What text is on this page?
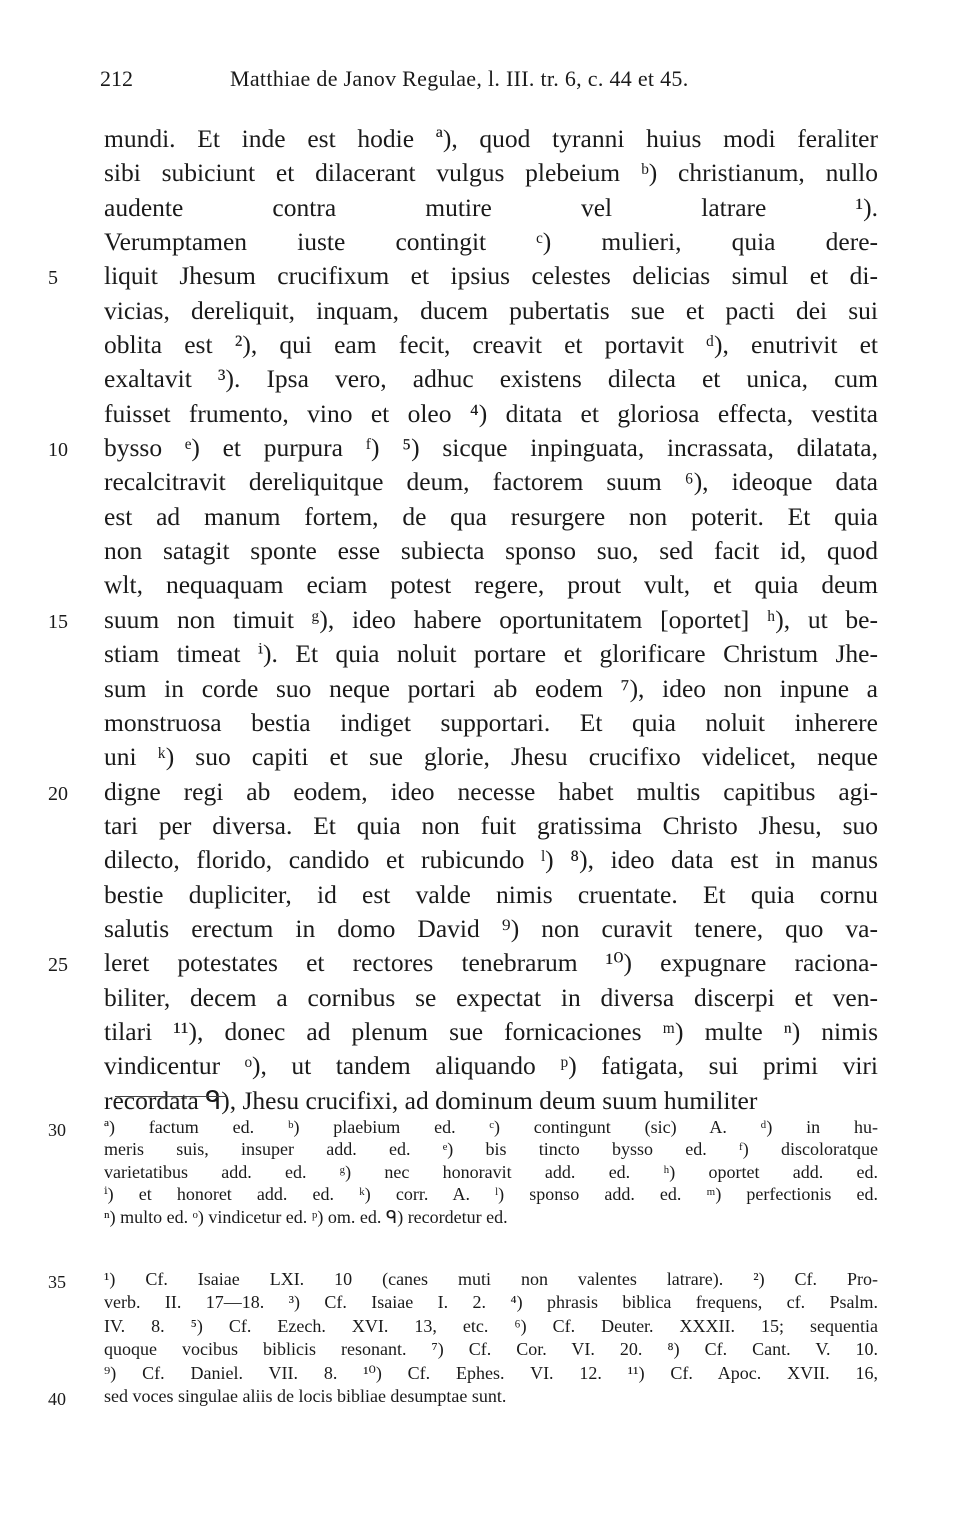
212	Matthiae de Janov Regulae, l. III. tr. 6, c. 44 et 45.
mundi. Et inde est hodie ª), quod tyranni huius modi feraliter
sibi subiciunt et dilacerant vulgus plebeium ᵇ) christianum, nullo
audente contra mutire vel latrare ¹).
Verumptamen iuste contingit ᶜ) mulieri, quia dere-
5 liquit Jhesum crucifixum et ipsius celestes delicias simul et di-
vicias, dereliquit, inquam, ducem pubertatis sue et pacti dei sui
oblita est ²), qui eam fecit, creavit et portavit ᵈ), enutrivit et
exaltavit ³). Ipsa vero, adhuc existens dilecta et unica, cum
fuisset frumento, vino et oleo ⁴) ditata et gloriosa effecta, vestita
10 bysso ᵉ) et purpura ᶠ) ⁵) sicque inpinguata, incrassata, dilatata,
recalcitravit dereliquitque deum, factorem suum ⁶), ideoque data
est ad manum fortem, de qua resurgere non poterit. Et quia
non satagit sponte esse subiecta sponso suo, sed facit id, quod
wlt, nequaquam eciam potest regere, prout vult, et quia deum
15 suum non timuit ᵍ), ideo habere oportunitatem [oportet] ʰ), ut be-
stiam timeat ⁱ). Et quia noluit portare et glorificare Christum Jhe-
sum in corde suo neque portari ab eodem ⁷), ideo non inpune a
monstruosa bestia indiget supportari. Et quia noluit inherere
uni ᵏ) suo capiti et sue glorie, Jhesu crucifixo videlicet, neque
20 digne regi ab eodem, ideo necesse habet multis capitibus agi-
tari per diversa. Et quia non fuit gratissima Christo Jhesu, suo
dilecto, florido, candido et rubicundo ˡ) ⁸), ideo data est in manus
bestie dupliciter, id est valde nimis cruentate. Et quia cornu
salutis erectum in domo David ⁹) non curavit tenere, quo va-
25 leret potestates et rectores tenebrarum ¹⁰) expugnare raciona-
biliter, decem a cornibus se expectat in diversa discerpi et ven-
tilari ¹¹), donec ad plenum sue fornicaciones ᵐ) multe ⁿ) nimis
vindicentur ᵒ), ut tandem aliquando ᵖ) fatigata, sui primi viri
recordata ᑫ), Jhesu crucifixi, ad dominum deum suum humiliter
30 ª) factum ed. ᵇ) plaebium ed. ᶜ) contingunt (sic) A. ᵈ) in hu-
meris suis, insuper add. ed. ᵉ) bis tincto bysso ed. ᶠ) discoloratque
varietatibus add. ed. ᵍ) nec honoravit add. ed. ʰ) oportet add. ed.
ⁱ) et honoret add. ed. ᵏ) corr. A. ˡ) sponso add. ed. ᵐ) perfectionis ed.
ⁿ) multo ed. ᵒ) vindicetur ed. ᵖ) om. ed. ᑫ) recordetur ed.
35 ¹) Cf. Isaiae LXI. 10 (canes muti non valentes latrare). ²) Cf. Pro-
verb. II. 17—18. ³) Cf. Isaiae I. 2. ⁴) phrasis biblica frequens, cf. Psalm.
IV. 8. ⁵) Cf. Ezech. XVI. 13, etc. ⁶) Cf. Deuter. XXXII. 15; sequentia
quoque vocibus biblicis resonant. ⁷) Cf. Cor. VI. 20. ⁸) Cf. Cant. V. 10.
⁹) Cf. Daniel. VII. 8. ¹⁰) Cf. Ephes. VI. 12. ¹¹) Cf. Apoc. XVII. 16,
40 sed voces singulae aliis de locis bibliae desumptae sunt.
